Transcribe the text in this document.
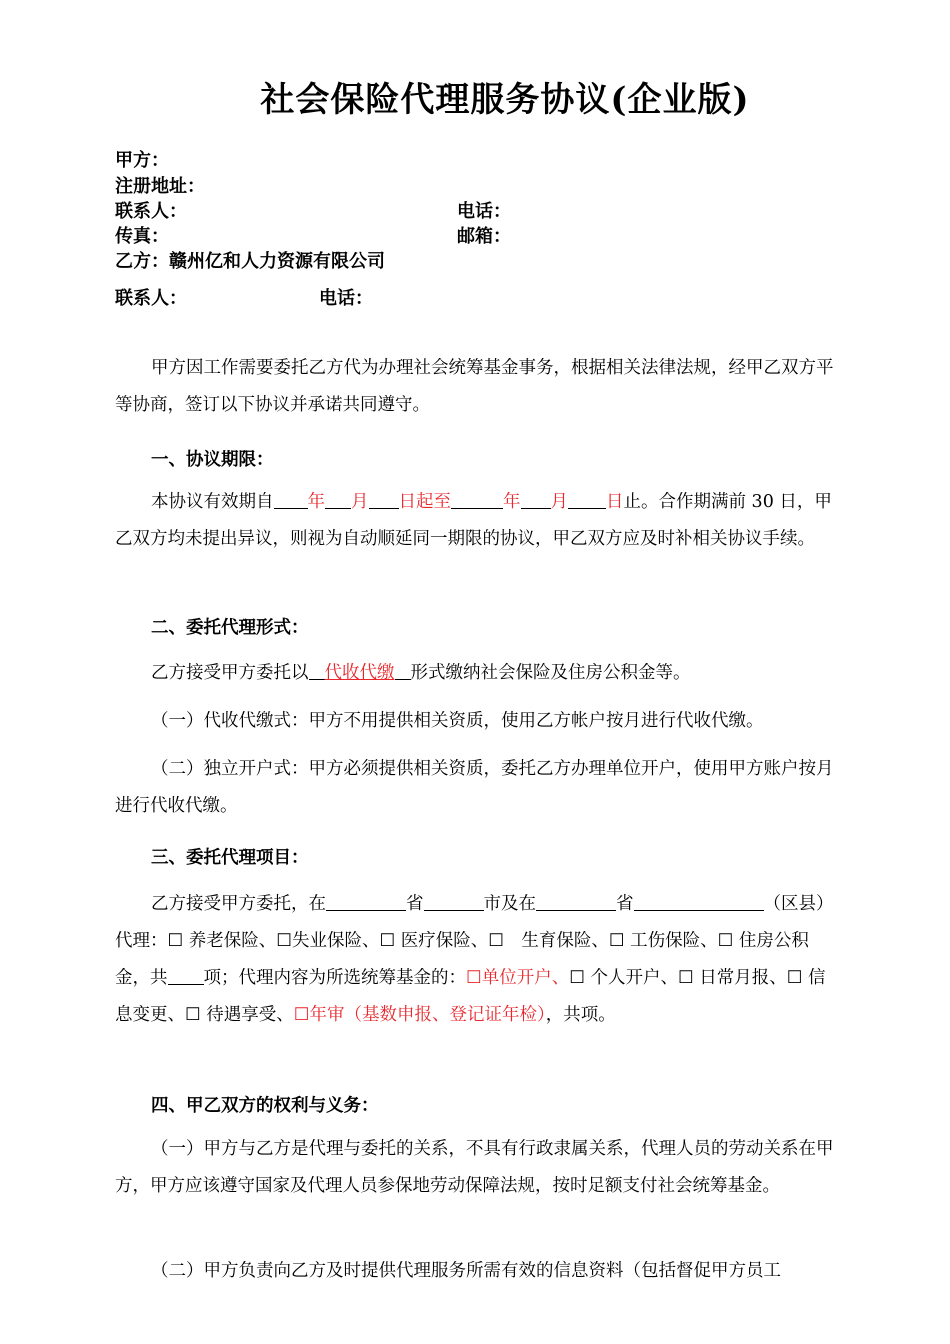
社会保险代理服务协议(企业版)
甲方：
注册地址：
联系人：	电话：
传真：	邮箱：
乙方：赣州亿和人力资源有限公司
联系人：	电话：
甲方因工作需要委托乙方代为办理社会统筹基金事务，根据相关法律法规，经甲乙双方平等协商，签订以下协议并承诺共同遵守。
一、协议期限：
本协议有效期自 年 月 日起至	年 月 日止。合作期满前 30 日，甲乙双方均未提出异议，则视为自动顺延同一期限的协议，甲乙双方应及时补相关协议手续。
二、委托代理形式：
乙方接受甲方委托以 代收代缴 形式缴纳社会保险及住房公积金等。
（一）代收代缴式：甲方不用提供相关资质，使用乙方帐户按月进行代收代缴。
（二）独立开户式：甲方必须提供相关资质，委托乙方办理单位开户，使用甲方账户按月进行代收代缴。
三、委托代理项目：
乙方接受甲方委托，在	省	市及在	省	（区县）代理：☐ 养老保险、☐失业保险、☐ 医疗保险、☐　生育保险、☐ 工伤保险、☐ 住房公积金，共 项；代理内容为所选统筹基金的：☐单位开户、☐ 个人开户、☐ 日常月报、☐ 信息变更、☐ 待遇享受、☐年审（基数申报、登记证年检），共项。
四、甲乙双方的权利与义务：
（一）甲方与乙方是代理与委托的关系，不具有行政隶属关系，代理人员的劳动关系在甲方，甲方应该遵守国家及代理人员参保地劳动保障法规，按时足额支付社会统筹基金。
（二）甲方负责向乙方及时提供代理服务所需有效的信息资料（包括督促甲方员工
